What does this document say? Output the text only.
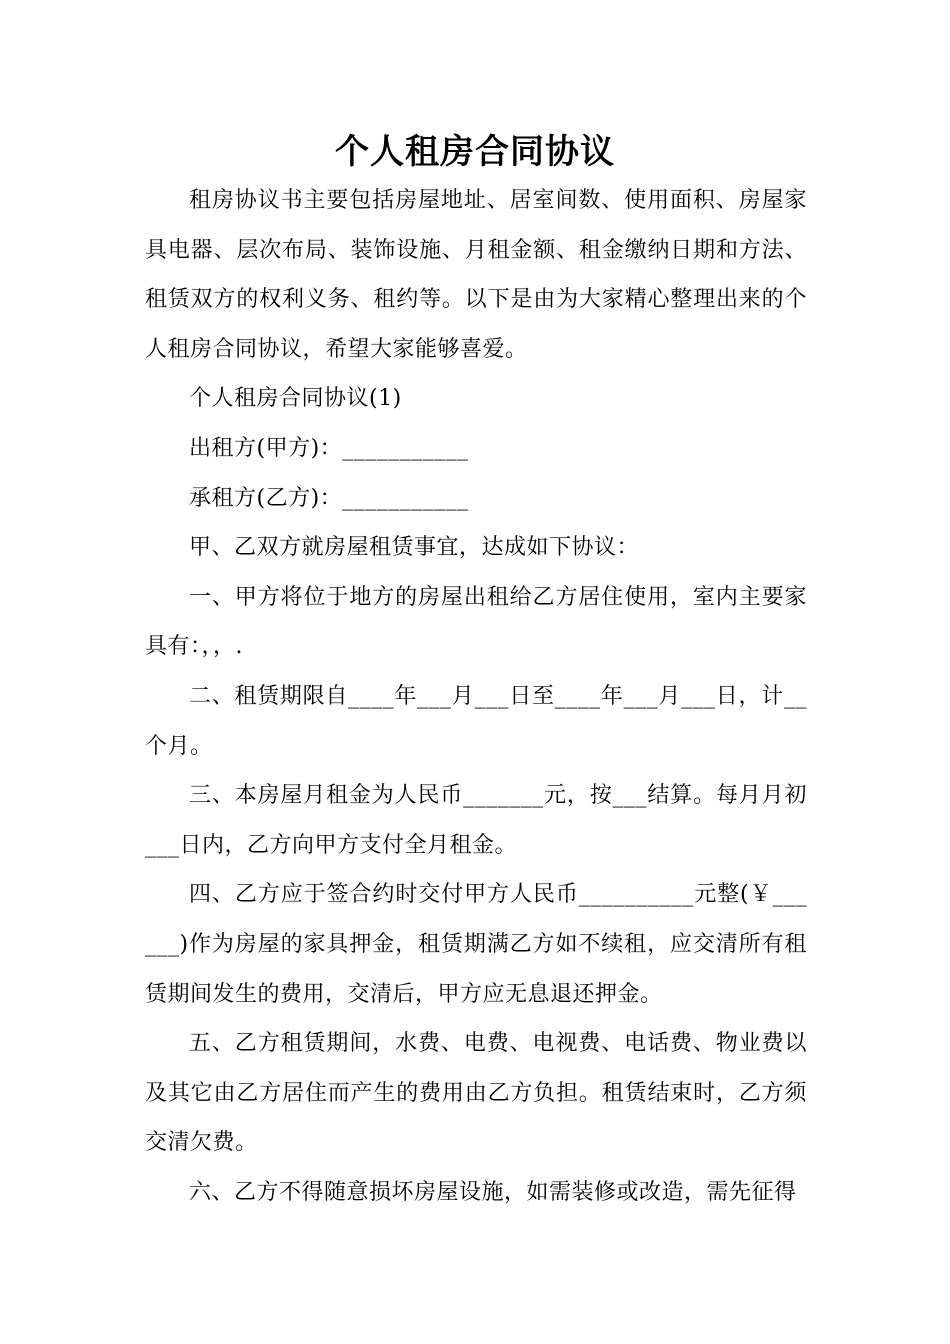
个人租房合同协议

租房协议书主要包括房屋地址、居室间数、使用面积、房屋家具电器、层次布局、装饰设施、月租金额、租金缴纳日期和方法、租赁双方的权利义务、租约等。以下是由为大家精心整理出来的个人租房合同协议，希望大家能够喜爱。

个人租房合同协议(1)

出租方(甲方)：___________

承租方(乙方)：___________

甲、乙双方就房屋租赁事宜，达成如下协议：

一、甲方将位于地方的房屋出租给乙方居住使用，室内主要家具有：，，.

二、租赁期限自____年___月___日至____年___月___日，计__个月。

三、本房屋月租金为人民币_______元，按___结算。每月月初___日内，乙方向甲方支付全月租金。

四、乙方应于签合约时交付甲方人民币__________元整(￥______)作为房屋的家具押金，租赁期满乙方如不续租，应交清所有租赁期间发生的费用，交清后，甲方应无息退还押金。

五、乙方租赁期间，水费、电费、电视费、电话费、物业费以及其它由乙方居住而产生的费用由乙方负担。租赁结束时，乙方须交清欠费。

六、乙方不得随意损坏房屋设施，如需装修或改造，需先征得
